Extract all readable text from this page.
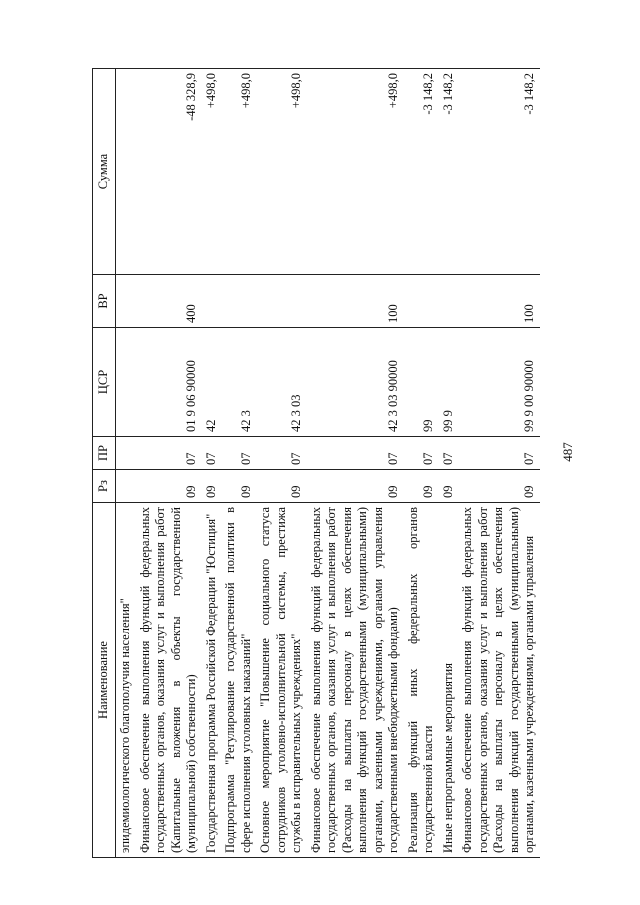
487
Наименование	Рз	ПР	ЦСР	ВР	Сумма
эпидемиологического благополучия населения"					
Финансовое обеспечение выполнения функций федеральных государственных органов, оказания услуг и выполнения работ (Капитальные вложения в объекты государственной (муниципальной) собственности)	09	07	01 9 06 90000	400	-48 328,9
Государственная программа Российской Федерации "Юстиция"	09	07	42		+498,0
Подпрограмма "Регулирование государственной политики в сфере исполнения уголовных наказаний"	09	07	42 3		+498,0
Основное мероприятие "Повышение социального статуса сотрудников уголовно-исполнительной системы, престижа службы в исправительных учреждениях"	09	07	42 3 03		+498,0
Финансовое обеспечение выполнения функций федеральных государственных органов, оказания услуг и выполнения работ (Расходы на выплаты персоналу в целях обеспечения выполнения функций государственными (муниципальными) органами, казенными учреждениями, органами управления государственными внебюджетными фондами)	09	07	42 3 03 90000	100	+498,0
Реализация функций иных федеральных органов государственной власти	09	07	99		-3 148,2
Иные непрограммные мероприятия	09	07	99 9		-3 148,2
Финансовое обеспечение выполнения функций федеральных государственных органов, оказания услуг и выполнения работ (Расходы на выплаты персоналу в целях обеспечения выполнения функций государственными (муниципальными) органами, казенными учреждениями, органами управления	09	07	99 9 00 90000	100	-3 148,2
